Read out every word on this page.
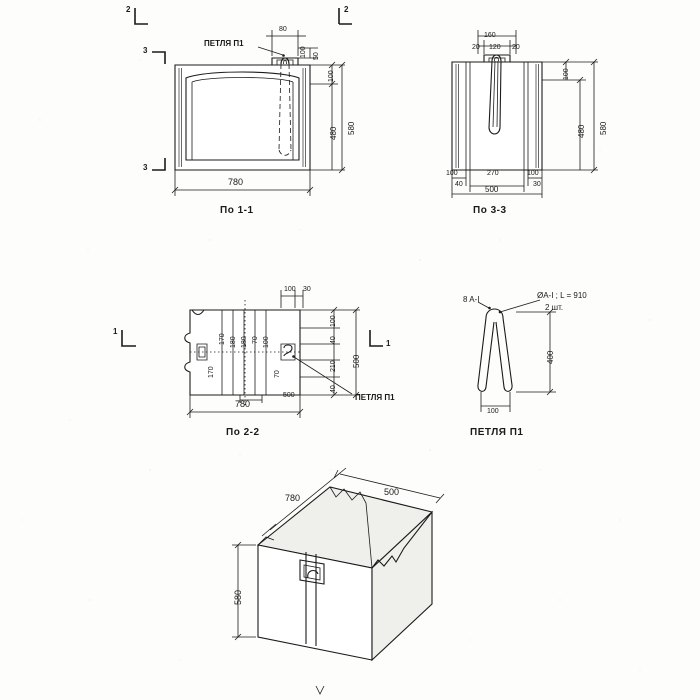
2	2
3
3
ПЕТЛЯ П1
80
100 50
100
480 580
780
По 1-1
160
20 120 20
100
480 580
100
40
270
500
100
30
По 3-3
1
1
100 30
170 180 180 70 100
170	70
100
40
210
40
500
780
500	ПЕТЛЯ П1
По 2-2
8 A-I	ØA-I ; L = 910
2 шт.
400
100
ПЕТЛЯ П1
780
500
580
